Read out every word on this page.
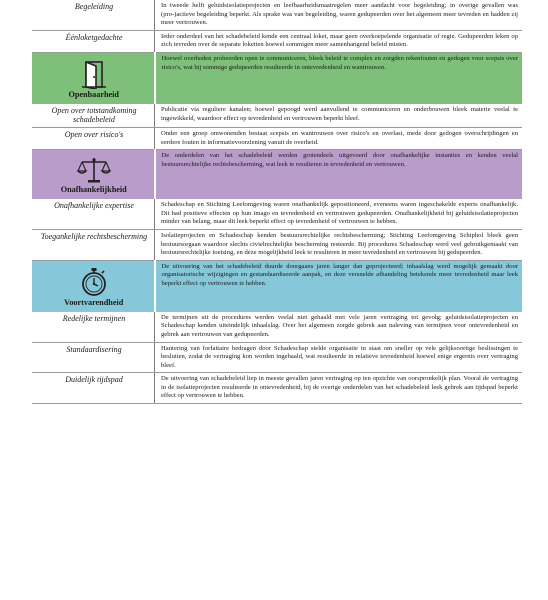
Begeleiding	In tweede helft geluidsisolatieprojecten en leefbaarheidsmaatregelen meer aandacht voor begeleiding; in overige gevallen was (pro-)actieve begeleiding beperkt. Als sprake was van begeleiding, waren gedupeerden over het algemeen meer tevreden en hadden zij meer vertrouwen.
Éénloketgedachte	Ieder onderdeel van het schadebeleid kende een centraal loket, maar geen overkoepelende organisatie of regie. Gedupeerden leken op zich tevreden over de separate loketten hoewel sommigen meer samenhangend beleid misten.

Openbaarheid	Hoewel overheden probeerden open te communiceren, bleek beleid te complex en zorgden rekenfouten en gedogen voor scepsis over risico's, wat bij sommige gedupeerden resulteerde in ontevredenheid en wantrouwen.
Open over totstandkoming schadebeleid	Publicatie via reguliere kanalen; hoewel gepoogd werd aanvullend te communiceren en onderbouwen bleek materie veelal te ingewikkeld, waardoor effect op tevredenheid en vertrouwen beperkt bleef.
Open over risico's	Onder een groep omwonenden bestaat scepsis en wantrouwen over risico's en overlast, mede door gedogen overschrijdingen en eerdere fouten in informatievoorziening vanuit de overheid.

Onafhankelijkheid	De onderdelen van het schadebeleid werden grotendeels uitgevoerd door onafhankelijke instanties en kenden veelal bestuursrechtelijke rechtsbescherming, wat leek te resulteren in tevredenheid en vertrouwen.
Onafhankelijke expertise	Schadeschap en Stichting Leefomgeving waren onafhankelijk gepositioneerd, eveneens waren ingeschakelde experts onafhankelijk. Dit had positieve effecten op hun imago en tevredenheid en vertrouwen gedupeerden. Onafhankelijkheid bij geluidsisolatieprojecten minder van belang, maar dit leek beperkt effect op tevredenheid of vertrouwen te hebben.
Toegankelijke rechtsbescherming	Isolatieprojecten en Schadeschap kenden bestuursrechtelijke rechtsbescherming; Stichting Leefomgeving Schiphol bleek geen bestuursorgaan waardoor slechts civielrechtelijke bescherming resteerde. Bij procedures Schadeschap werd veel gebruikgemaakt van bestuursrechtelijke toetsing, en deze mogelijkheid leek te resulteren in meer tevredenheid en vertrouwen bij gedupeerden.

Voortvarendheid	De uitvoering van het schadebeleid duurde doorgaans jaren langer dan geprojecteerd; inhaalslag werd mogelijk gemaakt door organisatorische wijzigingen en gestandaardiseerde aanpak, en deze versnelde afhandeling betekende meer tevredenheid maar leek beperkt effect op vertrouwen te hebben.
Redelijke termijnen	De termijnen uit de procedures werden veelal niet gehaald met vele jaren vertraging tot gevolg; geluidsisolatieprojecten en Schadeschap kenden uiteindelijk inhaalslag. Over het algemeen zorgde gebrek aan naleving van termijnen voor ontevredenheid en gebrek aan vertrouwen van gedupeerden.
Standaardisering	Hantering van forfaitaire bedragen door Schadeschap stelde organisatie in staat om sneller op vele gelijksoortige beslissingen te besluiten, zodat de vertraging kon worden ingehaald, wat resulteerde in relatieve tevredenheid hoewel enige ergernis over vertraging bleef.
Duidelijk tijdspad	De uitvoering van schadebeleid liep in meeste gevallen jaren vertraging op ten opzichte van oorspronkelijk plan. Vooral de vertraging in de isolatieprojecten resulteerde in ontevredenheid, bij de overige onderdelen van het schadebeleid leek gebrek aan tijdspad beperkt effect op vertrouwen te hebben.
